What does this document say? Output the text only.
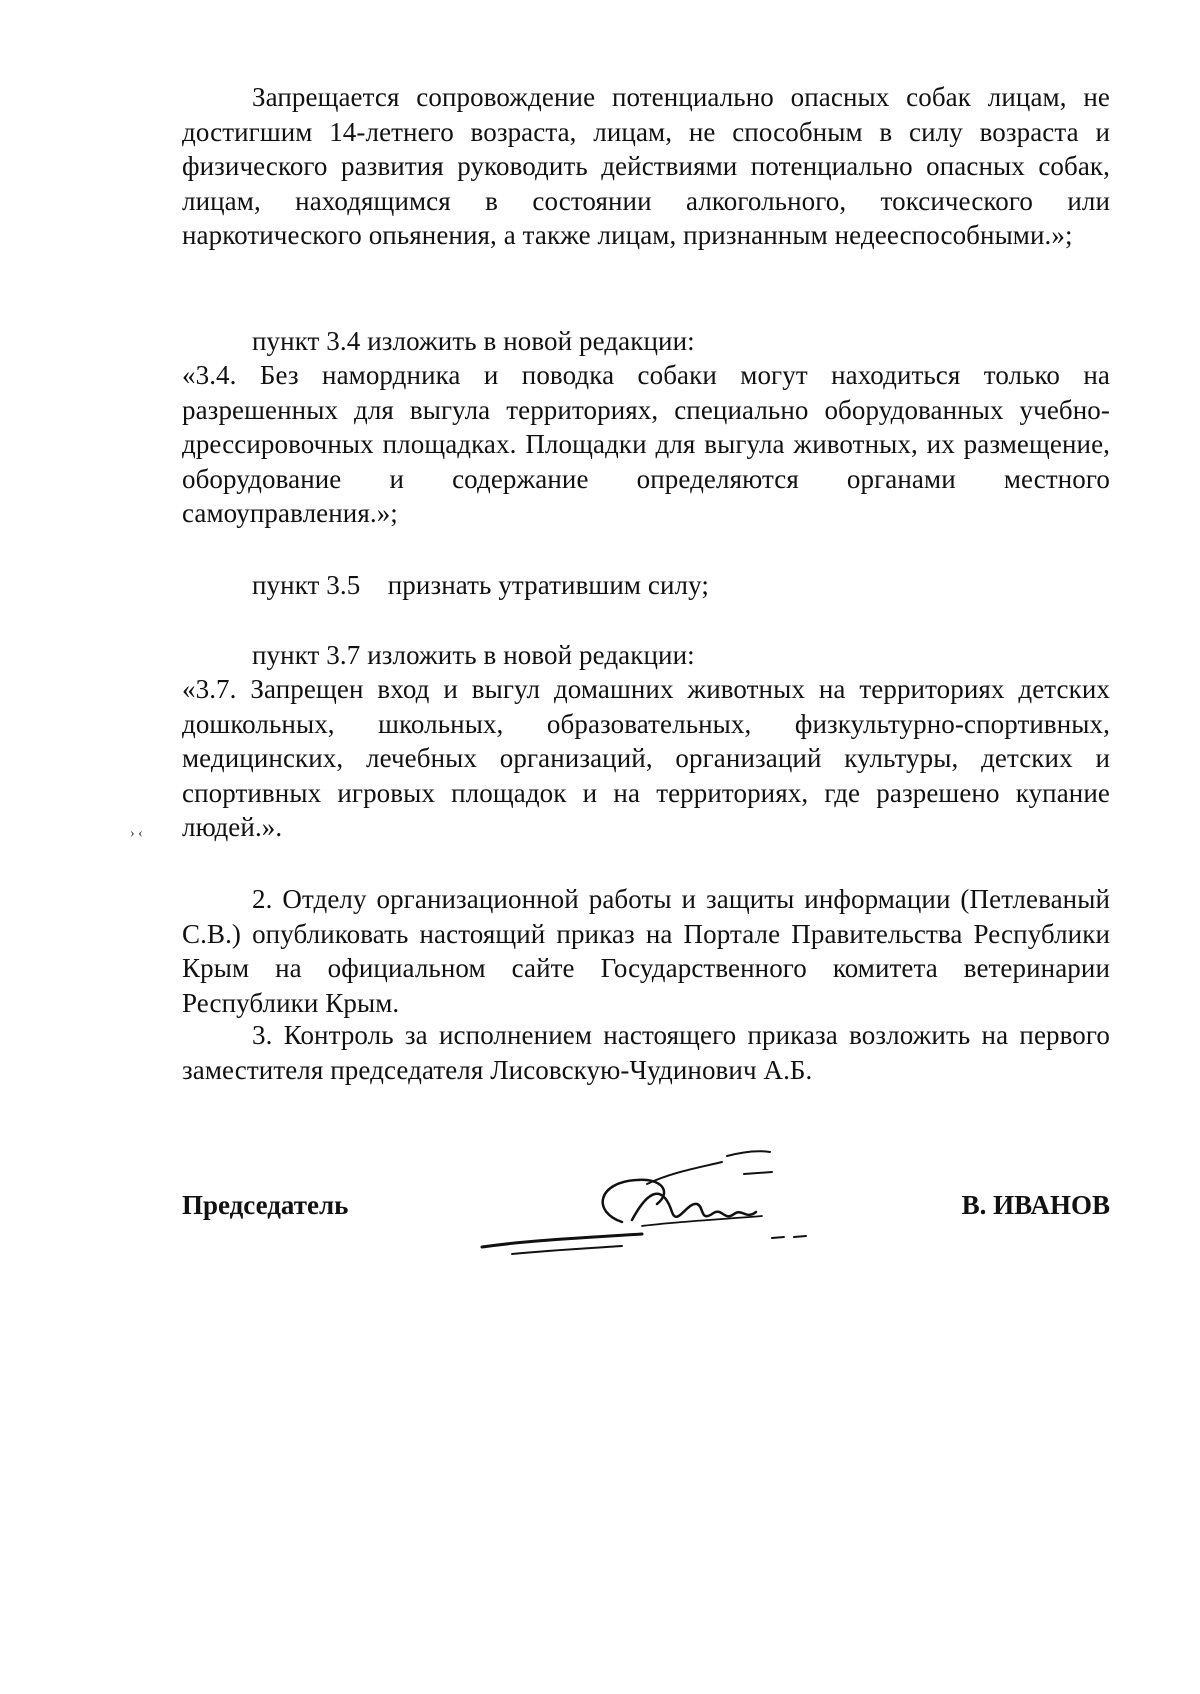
Запрещается сопровождение потенциально опасных собак лицам, не достигшим 14-летнего возраста, лицам, не способным в силу возраста и физического развития руководить действиями потенциально опасных собак, лицам, находящимся в состоянии алкогольного, токсического или наркотического опьянения, а также лицам, признанным недееспособными.»;

пункт 3.4 изложить в новой редакции:

«3.4. Без намордника и поводка собаки могут находиться только на разрешенных для выгула территориях, специально оборудованных учебно-дрессировочных площадках. Площадки для выгула животных, их размещение, оборудование и содержание определяются органами местного самоуправления.»;

пункт 3.5    признать утратившим силу;

пункт 3.7 изложить в новой редакции:

«3.7. Запрещен вход и выгул домашних животных на территориях детских дошкольных, школьных, образовательных, физкультурно-спортивных, медицинских, лечебных организаций, организаций культуры, детских и спортивных игровых площадок и на территориях, где разрешено купание людей.».

› ‹

2. Отделу организационной работы и защиты информации (Петлеваный С.В.) опубликовать настоящий приказ на Портале Правительства Республики Крым на официальном сайте Государственного комитета ветеринарии Республики Крым.

3. Контроль за исполнением настоящего приказа возложить на первого заместителя председателя Лисовскую-Чудинович А.Б.

Председатель	В. ИВАНОВ
